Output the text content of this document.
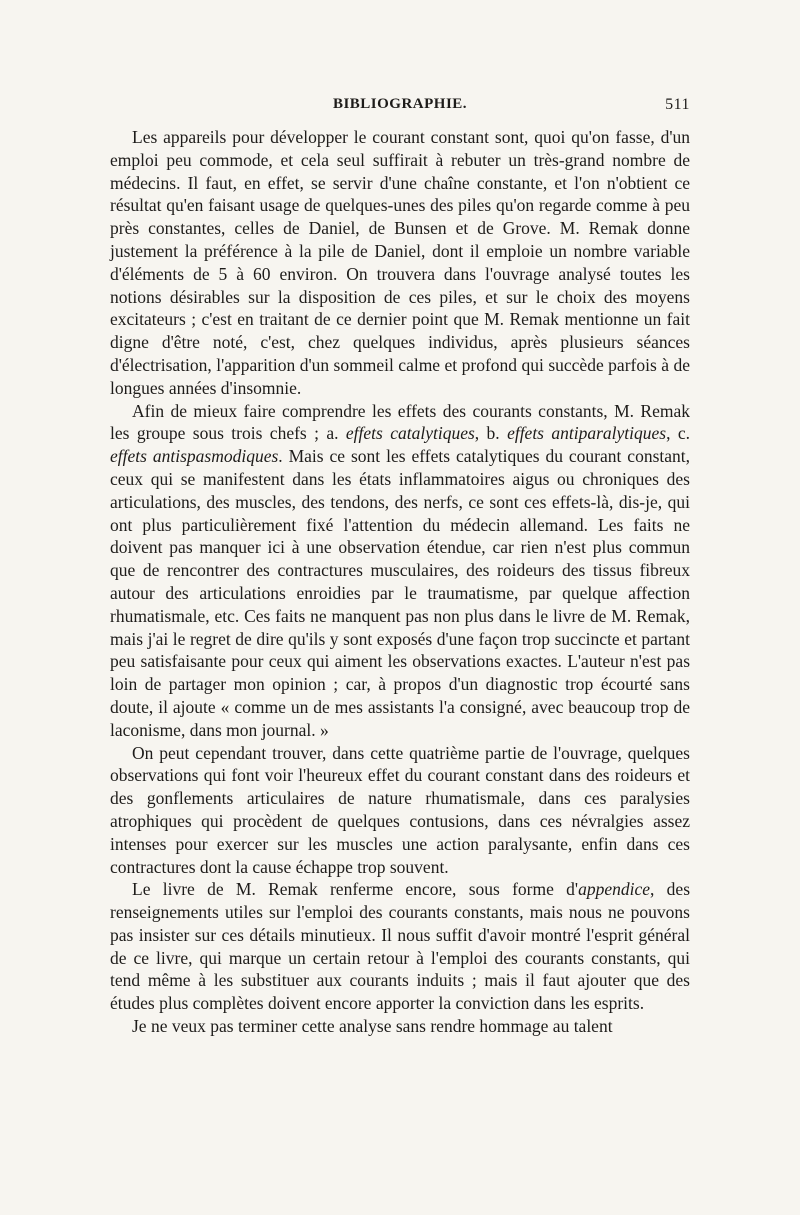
BIBLIOGRAPHIE.	511

Les appareils pour développer le courant constant sont, quoi qu'on fasse, d'un emploi peu commode, et cela seul suffirait à rebuter un très-grand nombre de médecins. Il faut, en effet, se servir d'une chaîne constante, et l'on n'obtient ce résultat qu'en faisant usage de quelques-unes des piles qu'on regarde comme à peu près constantes, celles de Daniel, de Bunsen et de Grove. M. Remak donne justement la préférence à la pile de Daniel, dont il emploie un nombre variable d'éléments de 5 à 60 environ. On trouvera dans l'ouvrage analysé toutes les notions désirables sur la disposition de ces piles, et sur le choix des moyens excitateurs ; c'est en traitant de ce dernier point que M. Remak mentionne un fait digne d'être noté, c'est, chez quelques individus, après plusieurs séances d'électrisation, l'apparition d'un sommeil calme et profond qui succède parfois à de longues années d'insomnie.

Afin de mieux faire comprendre les effets des courants constants, M. Remak les groupe sous trois chefs ; a. effets catalytiques, b. effets antiparalytiques, c. effets antispasmodiques. Mais ce sont les effets catalytiques du courant constant, ceux qui se manifestent dans les états inflammatoires aigus ou chroniques des articulations, des muscles, des tendons, des nerfs, ce sont ces effets-là, dis-je, qui ont plus particulièrement fixé l'attention du médecin allemand. Les faits ne doivent pas manquer ici à une observation étendue, car rien n'est plus commun que de rencontrer des contractures musculaires, des roideurs des tissus fibreux autour des articulations enroidies par le traumatisme, par quelque affection rhumatismale, etc. Ces faits ne manquent pas non plus dans le livre de M. Remak, mais j'ai le regret de dire qu'ils y sont exposés d'une façon trop succincte et partant peu satisfaisante pour ceux qui aiment les observations exactes. L'auteur n'est pas loin de partager mon opinion ; car, à propos d'un diagnostic trop écourté sans doute, il ajoute « comme un de mes assistants l'a consigné, avec beaucoup trop de laconisme, dans mon journal. »

On peut cependant trouver, dans cette quatrième partie de l'ouvrage, quelques observations qui font voir l'heureux effet du courant constant dans des roideurs et des gonflements articulaires de nature rhumatismale, dans ces paralysies atrophiques qui procèdent de quelques contusions, dans ces névralgies assez intenses pour exercer sur les muscles une action paralysante, enfin dans ces contractures dont la cause échappe trop souvent.

Le livre de M. Remak renferme encore, sous forme d'appendice, des renseignements utiles sur l'emploi des courants constants, mais nous ne pouvons pas insister sur ces détails minutieux. Il nous suffit d'avoir montré l'esprit général de ce livre, qui marque un certain retour à l'emploi des courants constants, qui tend même à les substituer aux courants induits ; mais il faut ajouter que des études plus complètes doivent encore apporter la conviction dans les esprits.

Je ne veux pas terminer cette analyse sans rendre hommage au talent
